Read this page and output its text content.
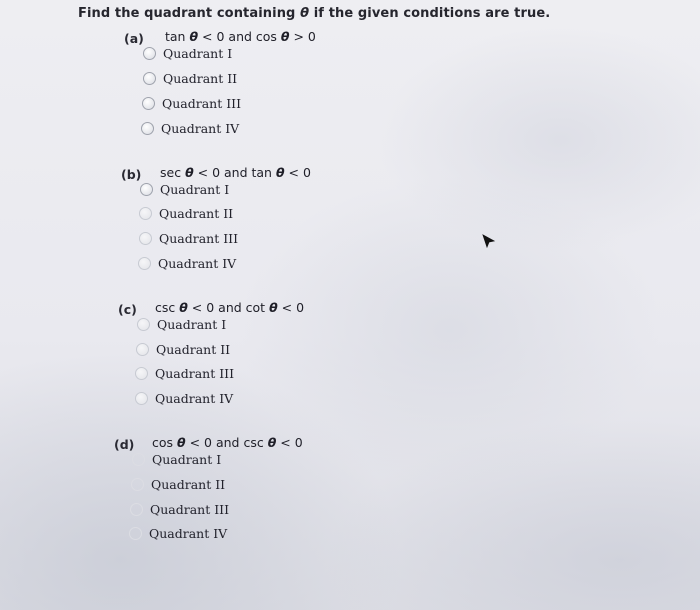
Find the quadrant containing θ if the given conditions are true.
(a) tan θ < 0 and cos θ > 0
Quadrant I
Quadrant II
Quadrant III
Quadrant IV
(b) sec θ < 0 and tan θ < 0
Quadrant I
Quadrant II
Quadrant III
Quadrant IV
(c) csc θ < 0 and cot θ < 0
Quadrant I
Quadrant II
Quadrant III
Quadrant IV
(d) cos θ < 0 and csc θ < 0
Quadrant I
Quadrant II
Quadrant III
Quadrant IV
